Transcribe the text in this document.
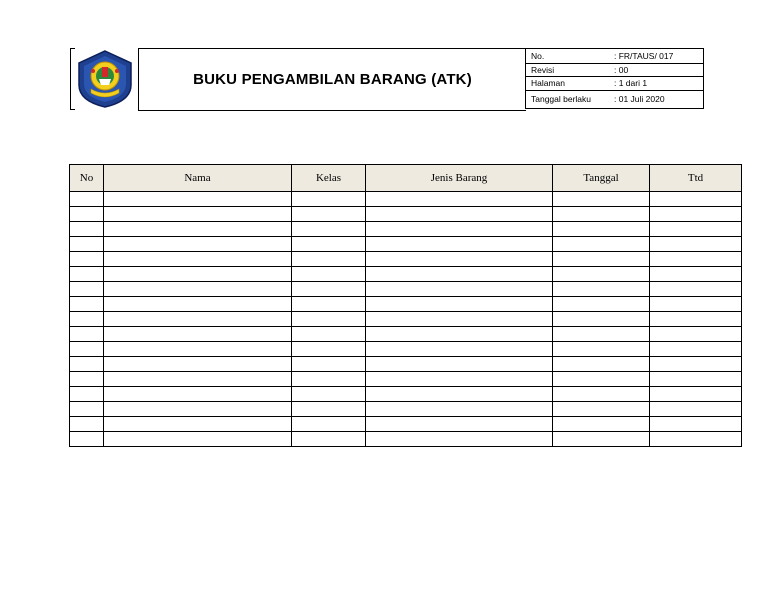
BUKU PENGAMBILAN BARANG (ATK)
No.	: FR/TAUS/ 017
Revisi	: 00
Halaman	: 1 dari 1
Tanggal berlaku	: 01 Juli 2020
No	Nama	Kelas	Jenis Barang	Tanggal	Ttd
